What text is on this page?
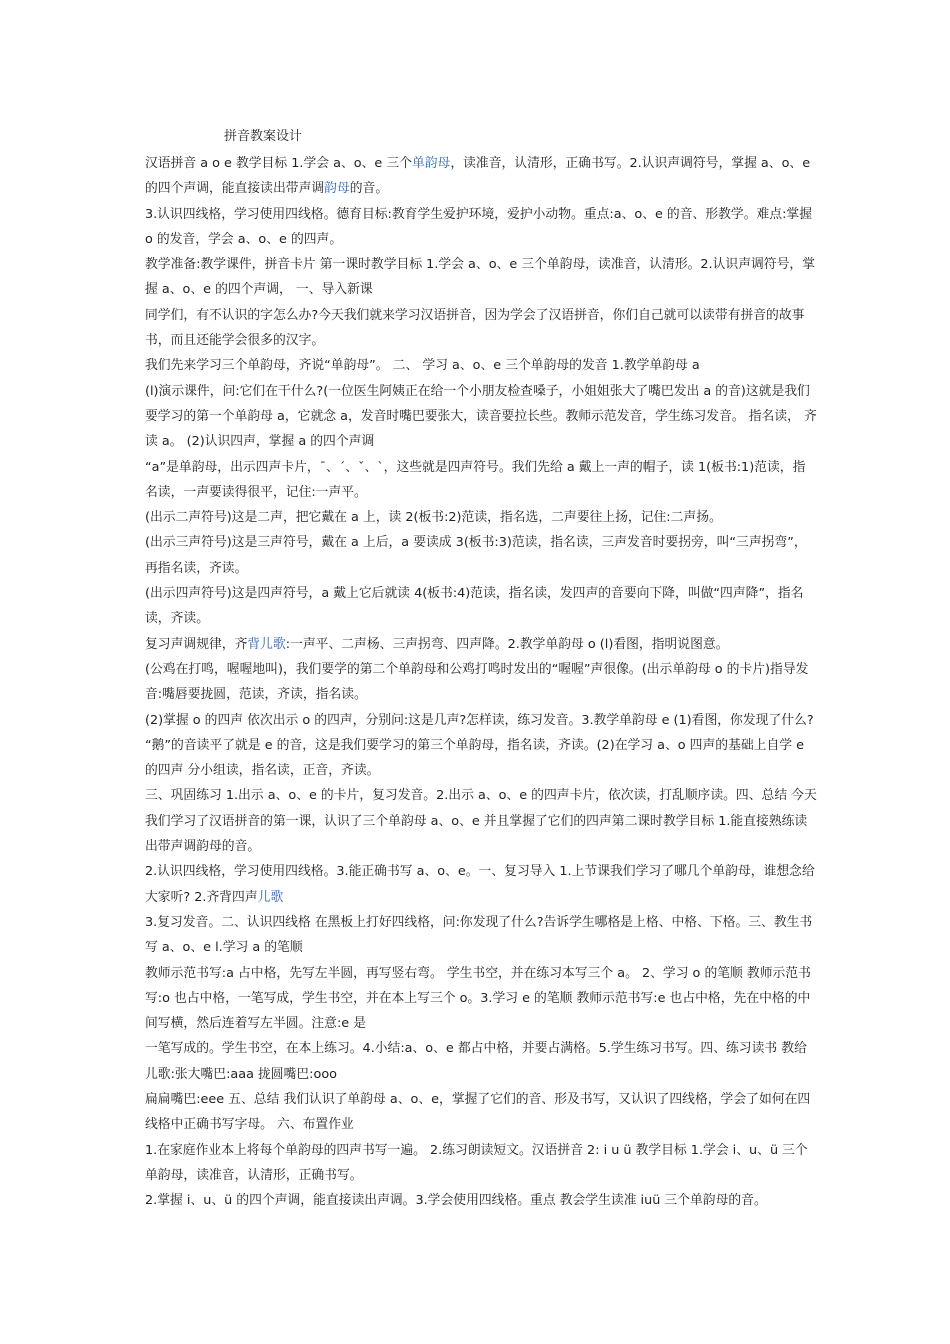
拼音教案设计

汉语拼音 a o e 教学目标 1.学会 a、o、e 三个单韵母，读准音，认清形，正确书写。2.认识声调符号，掌握 a、o、e 的四个声调，能直接读出带声调韵母的音。

3.认识四线格，学习使用四线格。德育目标:教育学生爱护环境，爱护小动物。重点:a、o、e 的音、形教学。难点:掌握 o 的发音，学会 a、o、e 的四声。

教学准备:教学课件，拼音卡片 第一课时教学目标 1.学会 a、o、e 三个单韵母，读准音，认清形。2.认识声调符号，掌握 a、o、e 的四个声调， 一、导入新课

同学们，有不认识的字怎么办?今天我们就来学习汉语拼音，因为学会了汉语拼音，你们自己就可以读带有拼音的故事书，而且还能学会很多的汉字。

我们先来学习三个单韵母，齐说“单韵母”。 二、 学习 a、o、e 三个单韵母的发音 1.教学单韵母 a

(l)演示课件，问:它们在干什么?(一位医生阿姨正在给一个小朋友检查嗓子，小姐姐张大了嘴巴发出 a 的音)这就是我们要学习的第一个单韵母 a，它就念 a，发音时嘴巴要张大，读音要拉长些。教师示范发音，学生练习发音。 指名读， 齐读 a。 (2)认识四声，掌握 a 的四个声调

“a”是单韵母，出示四声卡片，ˉ、ˊ、ˇ、ˋ，这些就是四声符号。我们先给 a 戴上一声的帽子，读 1(板书:1)范读，指名读，一声要读得很平，记住:一声平。

(出示二声符号)这是二声，把它戴在 a 上，读 2(板书:2)范读，指名选，二声要往上扬，记住:二声扬。

(出示三声符号)这是三声符号，戴在 a 上后，a 要读成 3(板书:3)范读，指名读，三声发音时要拐旁，叫“三声拐弯”，再指名读，齐读。

(出示四声符号)这是四声符号，a 戴上它后就读 4(板书:4)范读，指名读，发四声的音要向下降，叫做“四声降”，指名读，齐读。

复习声调规律，齐背儿歌:一声平、二声杨、三声拐弯、四声降。2.教学单韵母 o (l)看图，指明说图意。

(公鸡在打鸣，喔喔地叫)，我们要学的第二个单韵母和公鸡打鸣时发出的“喔喔”声很像。(出示单韵母 o 的卡片)指导发音:嘴唇要拢圆，范读，齐读，指名读。

(2)掌握 o 的四声 依次出示 o 的四声，分别问:这是几声?怎样读，练习发音。3.教学单韵母 e (1)看图，你发现了什么?

“鹅”的音读平了就是 e 的音，这是我们要学习的第三个单韵母，指名读，齐读。(2)在学习 a、o 四声的基础上自学 e 的四声 分小组读，指名读，正音，齐读。

三、巩固练习 1.出示 a、o、e 的卡片，复习发音。2.出示 a、o、e 的四声卡片，依次读，打乱顺序读。四、总结 今天我们学习了汉语拼音的第一课，认识了三个单韵母 a、o、e 并且掌握了它们的四声第二课时教学目标 1.能直接熟练读出带声调韵母的音。

2.认识四线格，学习使用四线格。3.能正确书写 a、o、e。一、复习导入 1.上节课我们学习了哪几个单韵母，谁想念给大家听? 2.齐背四声儿歌

3.复习发音。二、认识四线格 在黑板上打好四线格，问:你发现了什么?告诉学生哪格是上格、中格、下格。三、教生书写 a、o、e l.学习 a 的笔顺

教师示范书写:a 占中格，先写左半圆，再写竖右弯。 学生书空，并在练习本写三个 a。 2、学习 o 的笔顺 教师示范书写:o 也占中格，一笔写成，学生书空，并在本上写三个 o。3.学习 e 的笔顺 教师示范书写:e 也占中格，先在中格的中间写横，然后连着写左半圆。注意:e 是

一笔写成的。学生书空，在本上练习。4.小结:a、o、e 都占中格，并要占满格。5.学生练习书写。四、练习读书 教给儿歌:张大嘴巴:aaa 拢圆嘴巴:ooo

扁扁嘴巴:eee 五、总结 我们认识了单韵母 a、o、e，掌握了它们的音、形及书写，又认识了四线格，学会了如何在四线格中正确书写字母。 六、布置作业

1.在家庭作业本上将每个单韵母的四声书写一遍。 2.练习朗读短文。汉语拼音 2: i u ü 教学目标 1.学会 i、u、ü 三个单韵母，读准音，认清形，正确书写。

2.掌握 i、u、ü 的四个声调，能直接读出声调。3.学会使用四线格。重点 教会学生读准 iuü 三个单韵母的音。
